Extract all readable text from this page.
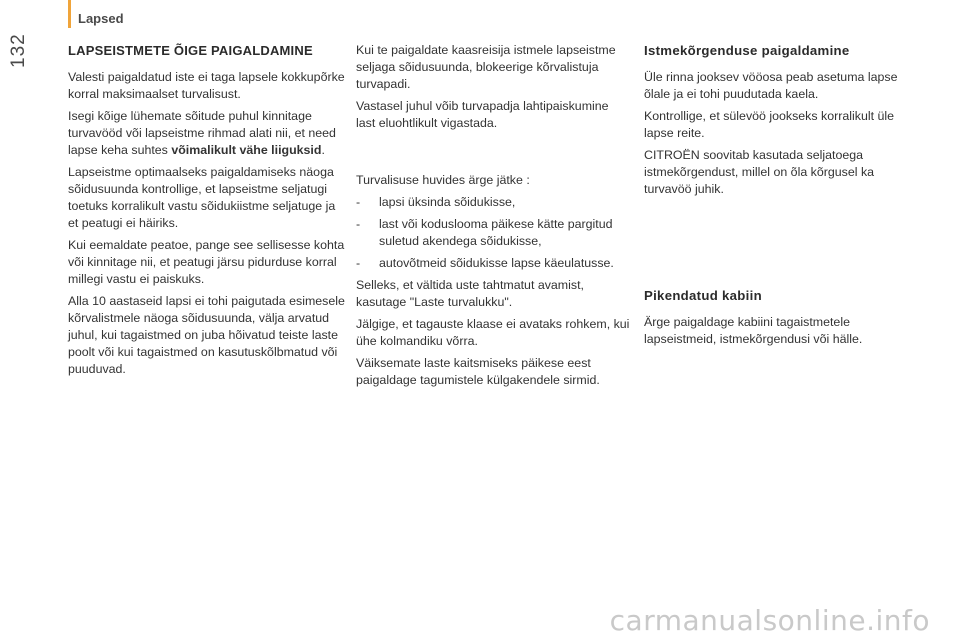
Lapsed
132	LAPSEISTMETE ÕIGE PAIGALDAMINE

Valesti paigaldatud iste ei taga lapsele kokkupõrke korral maksimaalset turvalisust.

Isegi kõige lühemate sõitude puhul kinnitage turvavööd või lapseistme rihmad alati nii, et need lapse keha suhtes võimalikult vähe liiguksid.

Lapseistme optimaalseks paigaldamiseks näoga sõidusuunda kontrollige, et lapseistme seljatugi toetuks korralikult vastu sõidukiistme seljatuge ja et peatugi ei häiriks.

Kui eemaldate peatoe, pange see sellisesse kohta või kinnitage nii, et peatugi järsu pidurduse korral millegi vastu ei paiskuks.

Alla 10 aastaseid lapsi ei tohi paigutada esimesele kõrvalistmele näoga sõidusuunda, välja arvatud juhul, kui tagaistmed on juba hõivatud teiste laste poolt või kui tagaistmed on kasutuskõlbmatud või puuduvad.

Kui te paigaldate kaasreisija istmele lapseistme seljaga sõidusuunda, blokeerige kõrvalistuja turvapadi.

Vastasel juhul võib turvapadja lahtipaiskumine last eluohtlikult vigastada.

Turvalisuse huvides ärge jätke :

-	lapsi üksinda sõidukisse,
-	last või koduslooma päikese kätte pargitud suletud akendega sõidukisse,
-	autovõtmeid sõidukisse lapse käeulatusse.

Selleks, et vältida uste tahtmatut avamist, kasutage "Laste turvalukku".

Jälgige, et tagauste klaase ei avataks rohkem, kui ühe kolmandiku võrra.

Väiksemate laste kaitsmiseks päikese eest paigaldage tagumistele külgakendele sirmid.

Istmekõrgenduse paigaldamine

Üle rinna jooksev vööosa peab asetuma lapse õlale ja ei tohi puudutada kaela.

Kontrollige, et sülevöö jookseks korralikult üle lapse reite.

CITROËN soovitab kasutada seljatoega istmekõrgendust, millel on õla kõrgusel ka turvavöö juhik.

Pikendatud kabiin

Ärge paigaldage kabiini tagaistmetele lapseistmeid, istmekõrgendusi või hälle.

carmanualsonline.info
